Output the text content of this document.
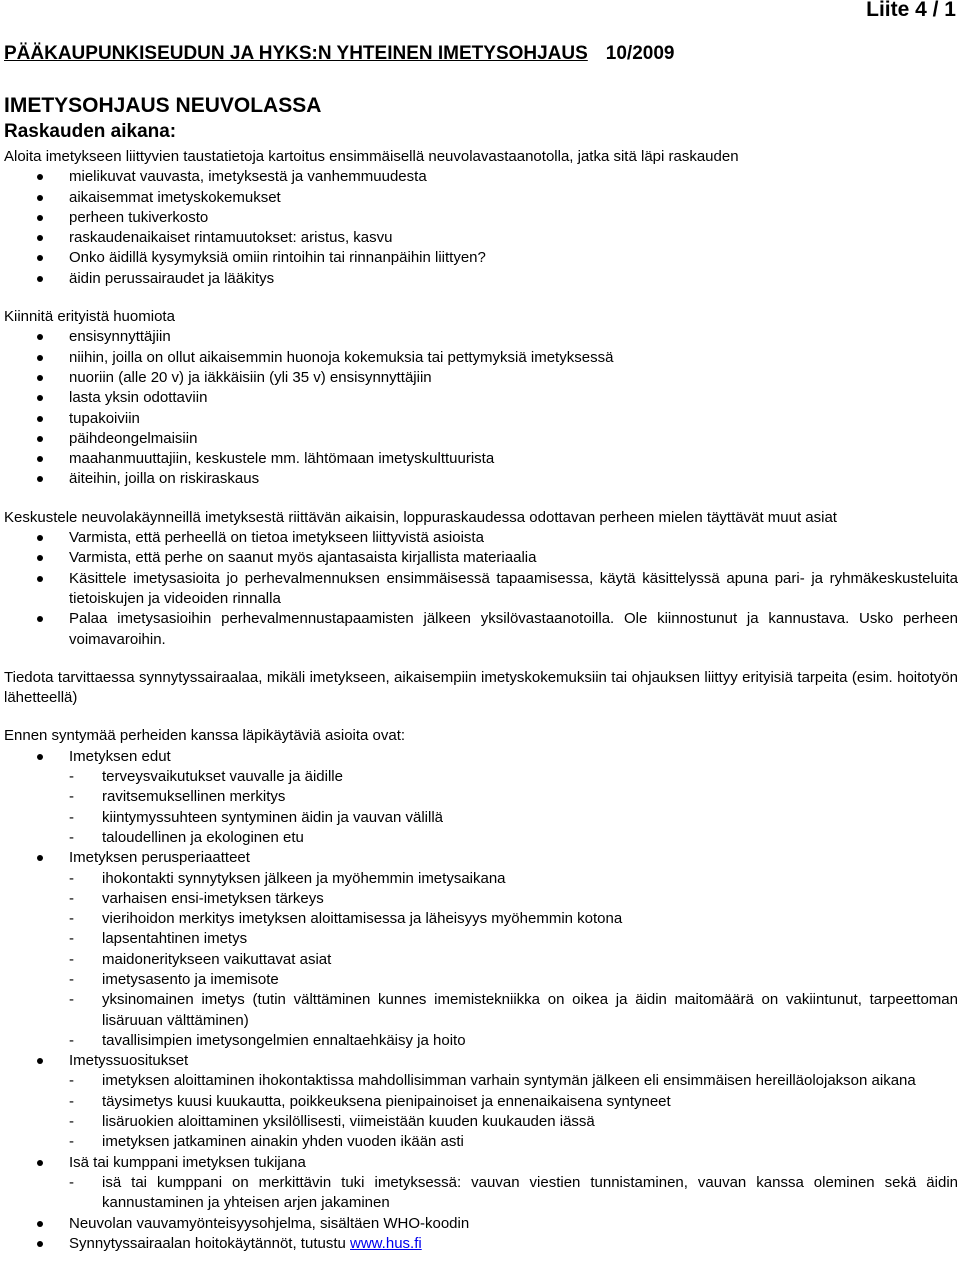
Liite 4 / 1
PÄÄKAUPUNKISEUDUN JA HYKS:N YHTEINEN IMETYSOHJAUS 10/2009
IMETYSOHJAUS NEUVOLASSA
Raskauden aikana:

Aloita imetykseen liittyvien taustatietoja kartoitus ensimmäisellä neuvolavastaanotolla, jatka sitä läpi raskauden

mielikuvat vauvasta, imetyksestä ja vanhemmuudesta
aikaisemmat imetyskokemukset
perheen tukiverkosto
raskaudenaikaiset rintamuutokset: aristus, kasvu
Onko äidillä kysymyksiä omiin rintoihin tai rinnanpäihin liittyen?
äidin perussairaudet ja lääkitys

Kiinnitä erityistä huomiota

ensisynnyttäjiin
niihin, joilla on ollut aikaisemmin huonoja kokemuksia tai pettymyksiä imetyksessä
nuoriin (alle 20 v) ja iäkkäisiin (yli 35 v) ensisynnyttäjiin
lasta yksin odottaviin
tupakoiviin
päihdeongelmaisiin
maahanmuuttajiin, keskustele mm. lähtömaan imetyskulttuurista
äiteihin, joilla on riskiraskaus

Keskustele neuvolakäynneillä imetyksestä riittävän aikaisin, loppuraskaudessa odottavan perheen mielen täyttävät muut asiat

Varmista, että perheellä on tietoa imetykseen liittyvistä asioista
Varmista, että perhe on saanut myös ajantasaista kirjallista materiaalia
Käsittele imetysasioita jo perhevalmennuksen ensimmäisessä tapaamisessa, käytä käsittelyssä apuna pari- ja ryhmäkeskusteluita tietoiskujen ja videoiden rinnalla
Palaa imetysasioihin perhevalmennustapaamisten jälkeen yksilövastaanotoilla. Ole kiinnostunut ja kannustava. Usko perheen voimavaroihin.

Tiedota tarvittaessa synnytyssairaalaa, mikäli imetykseen, aikaisempiin imetyskokemuksiin tai ohjauksen liittyy erityisiä tarpeita (esim. hoitotyön lähetteellä)

Ennen syntymää perheiden kanssa läpikäytäviä asioita ovat:

Imetyksen edut
- terveysvaikutukset vauvalle ja äidille
- ravitsemuksellinen merkitys
- kiintymyssuhteen syntyminen äidin ja vauvan välillä
- taloudellinen ja ekologinen etu
Imetyksen perusperiaatteet
- ihokontakti synnytyksen jälkeen ja myöhemmin imetysaikana
- varhaisen ensi-imetyksen tärkeys
- vierihoidon merkitys imetyksen aloittamisessa ja läheisyys myöhemmin kotona
- lapsentahtinen imetys
- maidoneritykseen vaikuttavat asiat
- imetysasento ja imemisote
- yksinomainen imetys (tutin välttäminen kunnes imemistekniikka on oikea ja äidin maitomäärä on vakiintunut, tarpeettoman lisäruuan välttäminen)
- tavallisimpien imetysongelmien ennaltaehkäisy ja hoito
Imetyssuositukset
- imetyksen aloittaminen ihokontaktissa mahdollisimman varhain syntymän jälkeen eli ensimmäisen hereilläolojakson aikana
- täysimetys kuusi kuukautta, poikkeuksena pienipainoiset ja ennenaikaisena syntyneet
- lisäruokien aloittaminen yksilöllisesti, viimeistään kuuden kuukauden iässä
- imetyksen jatkaminen ainakin yhden vuoden ikään asti
Isä tai kumppani imetyksen tukijana
- isä tai kumppani on merkittävin tuki imetyksessä: vauvan viestien tunnistaminen, vauvan kanssa oleminen sekä äidin kannustaminen ja yhteisen arjen jakaminen
Neuvolan vauvamyönteisyysohjelma, sisältäen WHO-koodin
Synnytyssairaalan hoitokäytännöt, tutustu www.hus.fi
